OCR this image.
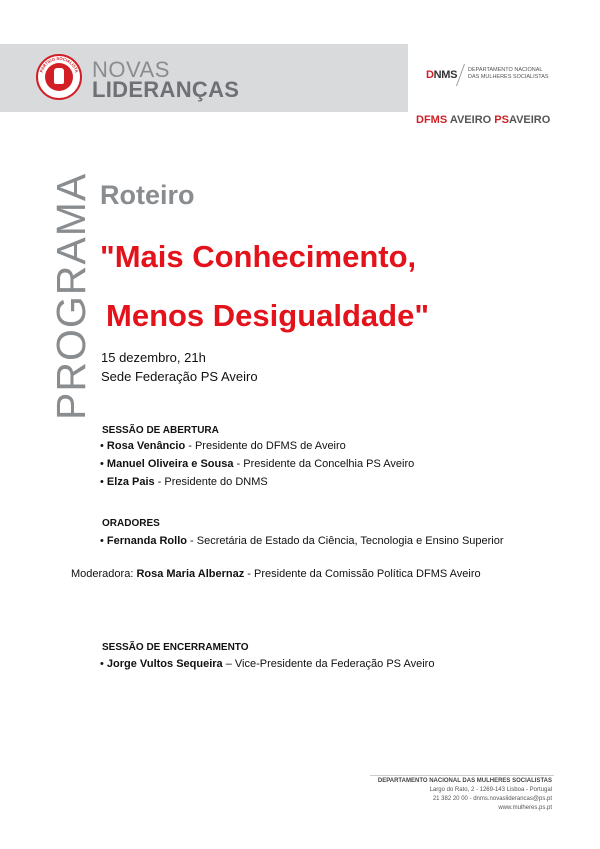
PARTIDO SOCIALISTA NOVAS
LIDERANÇAS
DNMS DEPARTAMENTO NACIONAL
DAS MULHERES SOCIALISTAS
DFMS AVEIRO PSAVEIRO
PROGRAMA Roteiro
"Mais Conhecimento,
Menos Desigualdade"
15 dezembro, 21h
Sede Federação PS Aveiro
SESSÃO DE ABERTURA
• Rosa Venâncio - Presidente do DFMS de Aveiro
• Manuel Oliveira e Sousa - Presidente da Concelhia PS Aveiro
• Elza Pais - Presidente do DNMS
ORADORES
• Fernanda Rollo - Secretária de Estado da Ciência, Tecnologia e Ensino Superior
Moderadora: Rosa Maria Albernaz - Presidente da Comissão Política DFMS Aveiro
SESSÃO DE ENCERRAMENTO
• Jorge Vultos Sequeira – Vice-Presidente da Federação PS Aveiro
DEPARTAMENTO NACIONAL DAS MULHERES SOCIALISTAS
Largo do Rato, 2 - 1269-143 Lisboa - Portugal
21 382 20 00 - dnms.novasliderancas@ps.pt
www.mulheres.ps.pt
